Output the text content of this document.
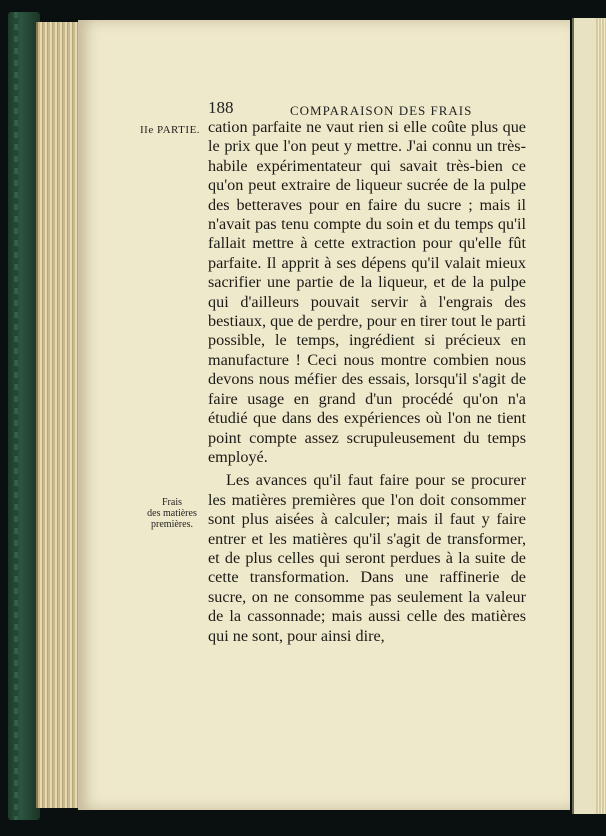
188	COMPARAISON DES FRAIS
IIe PARTIE.
Frais
des matières
premières.

cation parfaite ne vaut rien si elle coûte plus que le prix que l'on peut y mettre. J'ai connu un très-habile expérimentateur qui savait très-bien ce qu'on peut extraire de liqueur sucrée de la pulpe des betteraves pour en faire du sucre ; mais il n'avait pas tenu compte du soin et du temps qu'il fallait mettre à cette extraction pour qu'elle fût parfaite. Il apprit à ses dépens qu'il valait mieux sacrifier une partie de la liqueur, et de la pulpe qui d'ailleurs pouvait servir à l'engrais des bestiaux, que de perdre, pour en tirer tout le parti possible, le temps, ingrédient si précieux en manufacture ! Ceci nous montre combien nous devons nous méfier des essais, lorsqu'il s'agit de faire usage en grand d'un procédé qu'on n'a étudié que dans des expériences où l'on ne tient point compte assez scrupuleusement du temps employé.

Les avances qu'il faut faire pour se procurer les matières premières que l'on doit consommer sont plus aisées à calculer; mais il faut y faire entrer et les matières qu'il s'agit de transformer, et de plus celles qui seront perdues à la suite de cette transformation. Dans une raffinerie de sucre, on ne consomme pas seulement la valeur de la cassonnade; mais aussi celle des matières qui ne sont, pour ainsi dire,
